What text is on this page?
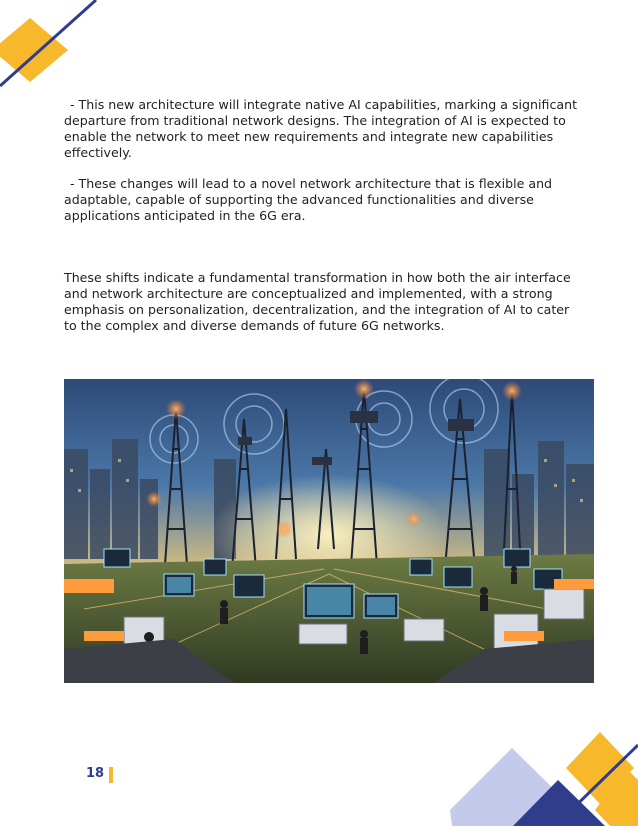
- This new architecture will integrate native AI capabilities, marking a significant departure from traditional network designs. The integration of AI is expected to enable the network to meet new requirements and integrate new capabilities effectively.

- These changes will lead to a novel network architecture that is flexible and adaptable, capable of supporting the advanced functionalities and diverse applications anticipated in the 6G era.

These shifts indicate a fundamental transformation in how both the air interface and network architecture are conceptualized and implemented, with a strong emphasis on personalization, decentralization, and the integration of AI to cater to the complex and diverse demands of future 6G networks.

18
